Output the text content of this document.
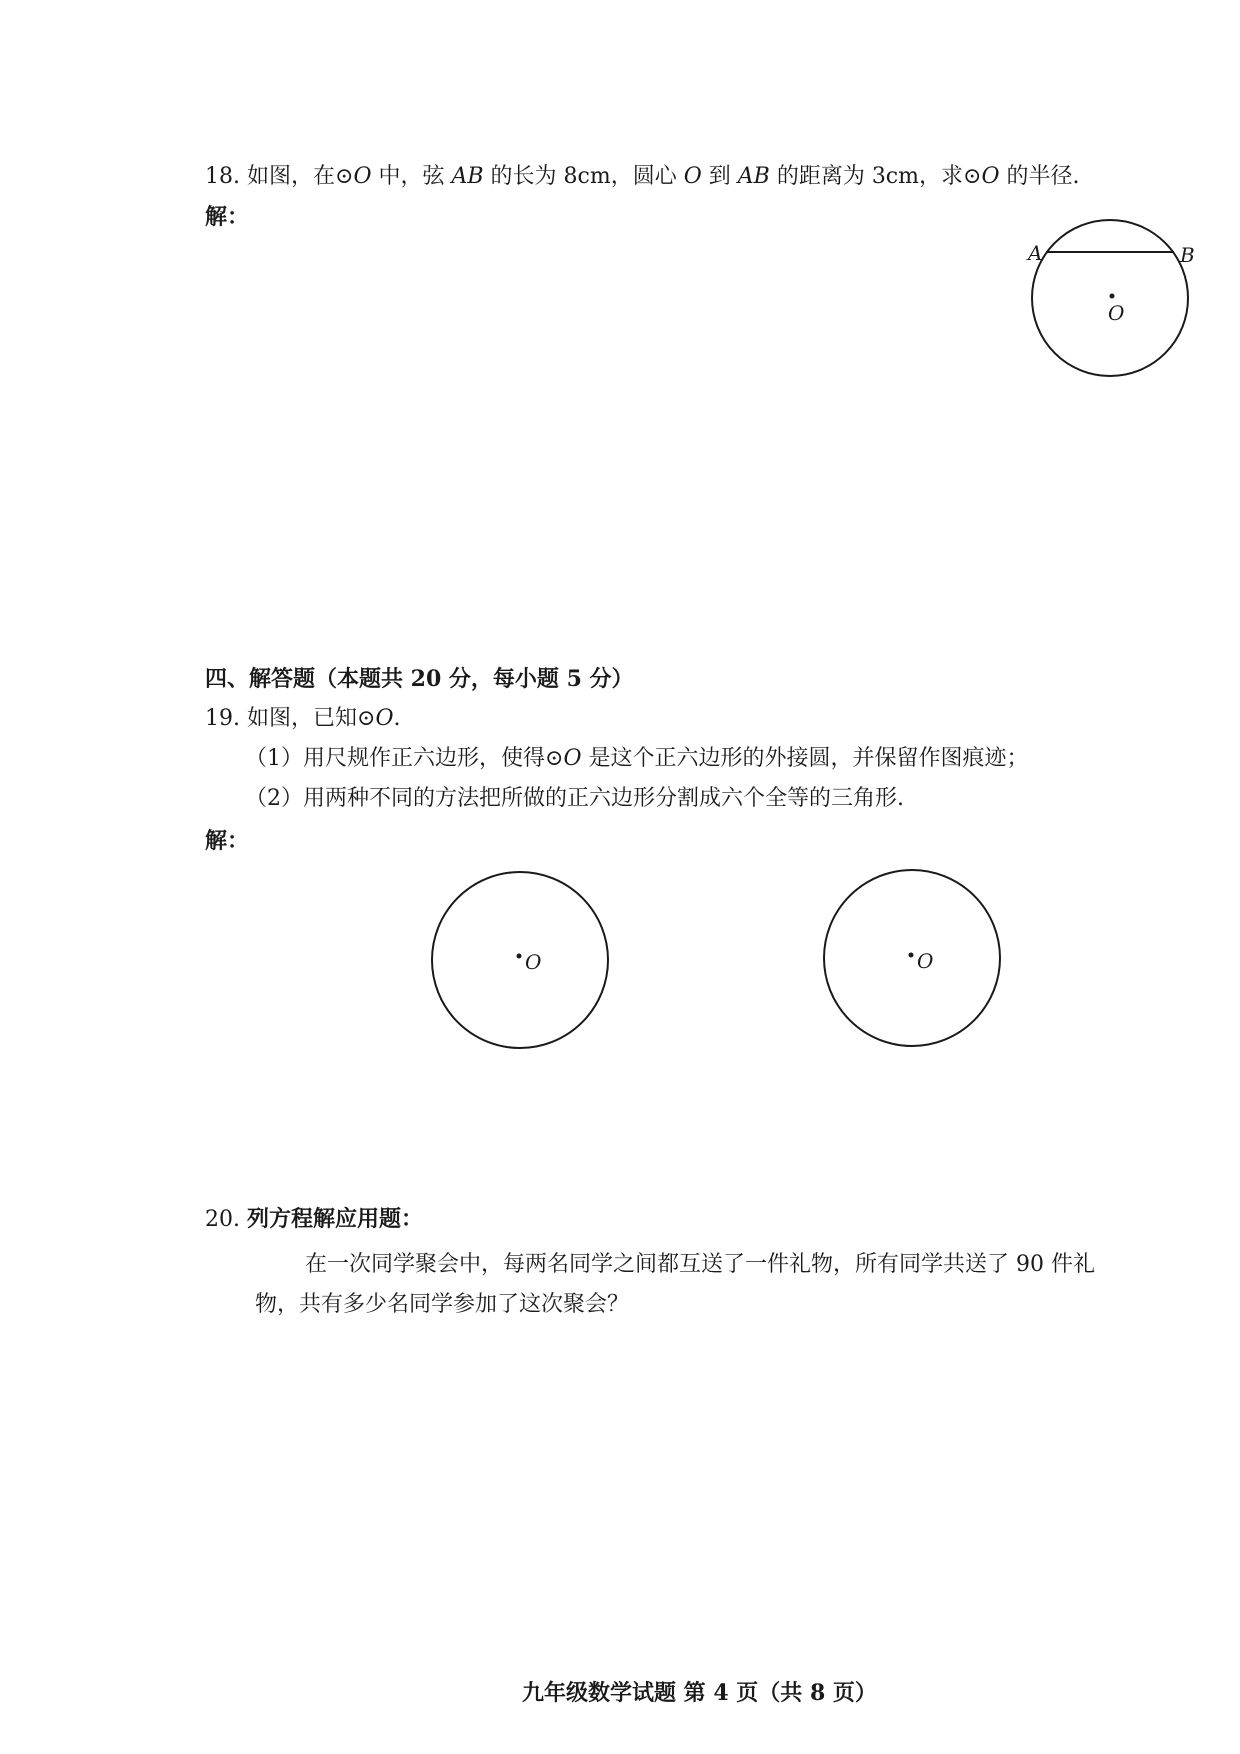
18. 如图，在⊙O 中，弦 AB 的长为 8cm，圆心 O 到 AB 的距离为 3cm，求⊙O 的半径.
解：
A	B
O
四、解答题（本题共 20 分，每小题 5 分）
19. 如图，已知⊙O.
（1）用尺规作正六边形，使得⊙O 是这个正六边形的外接圆，并保留作图痕迹；
（2）用两种不同的方法把所做的正六边形分割成六个全等的三角形.
解：
O	O
20. 列方程解应用题：
在一次同学聚会中，每两名同学之间都互送了一件礼物，所有同学共送了 90 件礼
物，共有多少名同学参加了这次聚会？
九年级数学试题 第 4 页（共 8 页）
